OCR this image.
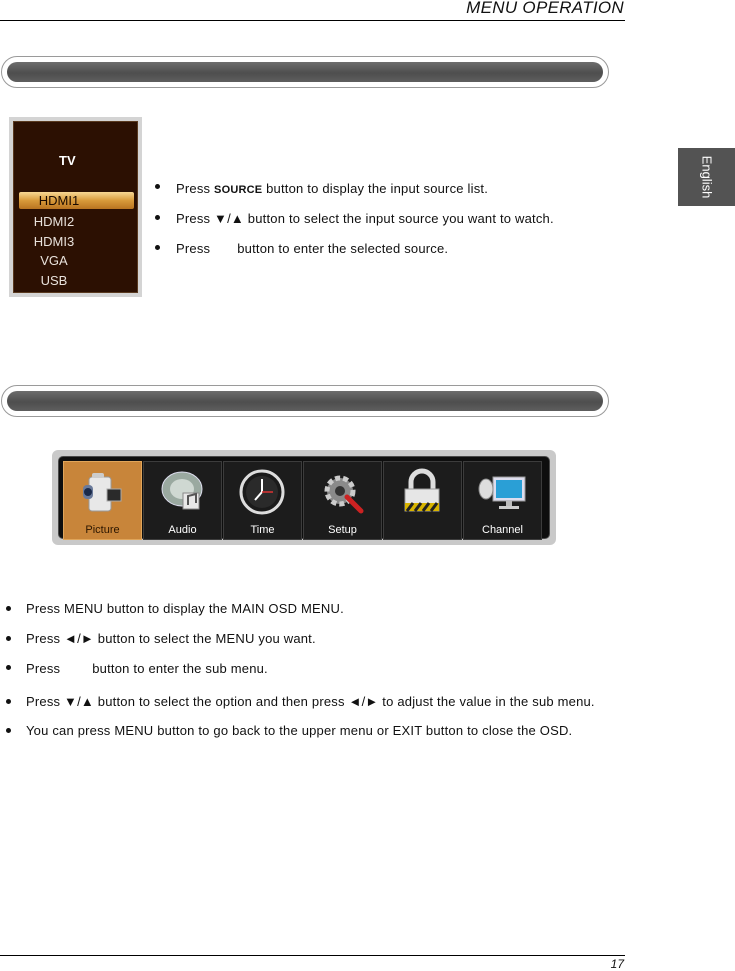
MENU OPERATION
English
TV
HDMI1
HDMI2
HDMI3
VGA
USB
Press SOURCE button to display the input source list.
Press ▼/▲ button to select the input source you want to watch.
Press button to enter the selected source.
Picture	Audio	Time	Setup	Channel
Press MENU button to display the MAIN OSD MENU.
Press ◄/► button to select the MENU you want.
Press button to enter the sub menu.
Press ▼/▲ button to select the option and then press ◄/► to adjust the value in the sub menu.
You can press MENU button to go back to the upper menu or EXIT button to close the OSD.
17
